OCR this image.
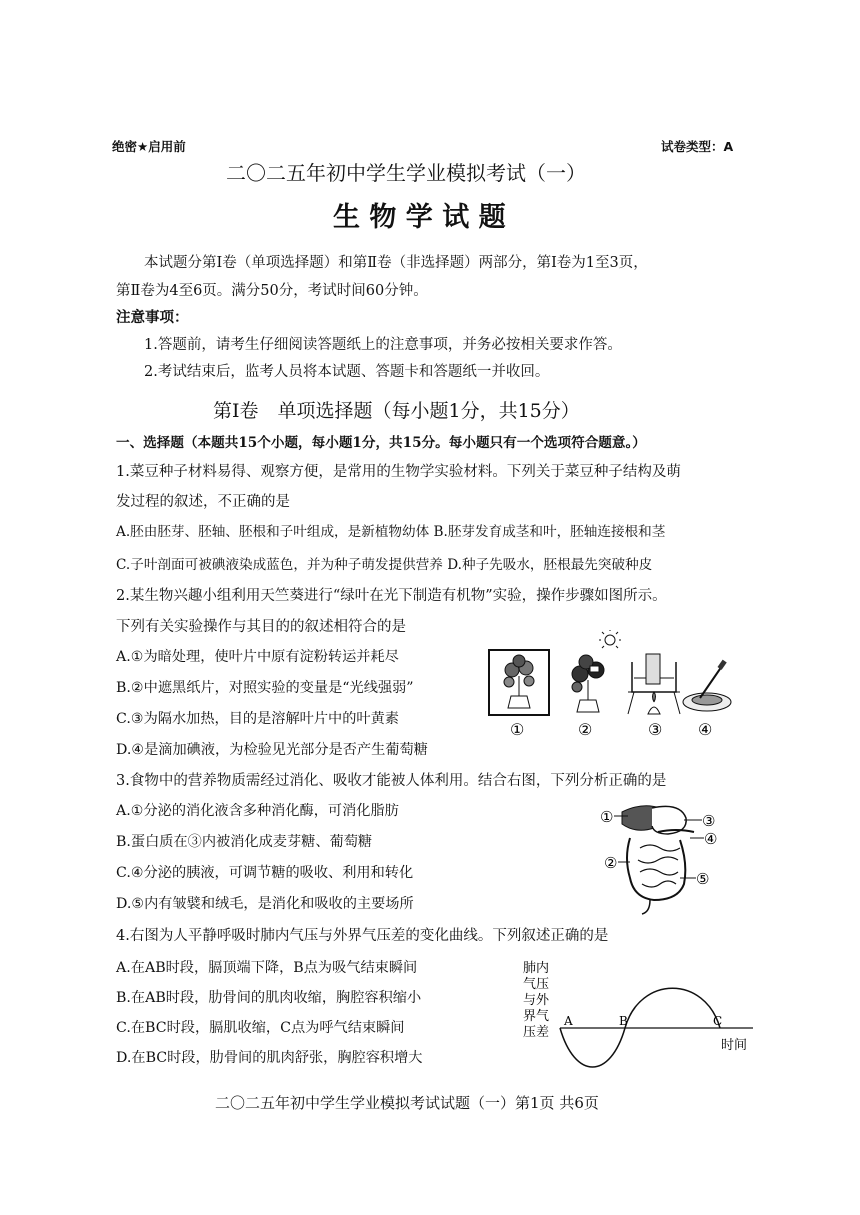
绝密★启用前	试卷类型：A
二〇二五年初中学生学业模拟考试（一）
生 物 学 试 题
本试题分第Ⅰ卷（单项选择题）和第Ⅱ卷（非选择题）两部分，第Ⅰ卷为1至3页，
第Ⅱ卷为4至6页。满分50分，考试时间60分钟。
注意事项：
1.答题前，请考生仔细阅读答题纸上的注意事项，并务必按相关要求作答。
2.考试结束后，监考人员将本试题、答题卡和答题纸一并收回。
第Ⅰ卷　单项选择题（每小题1分，共15分）
一、选择题（本题共15个小题，每小题1分，共15分。每小题只有一个选项符合题意。）
1.菜豆种子材料易得、观察方便，是常用的生物学实验材料。下列关于菜豆种子结构及萌
发过程的叙述，不正确的是
A.胚由胚芽、胚轴、胚根和子叶组成，是新植物幼体 B.胚芽发育成茎和叶，胚轴连接根和茎
C.子叶剖面可被碘液染成蓝色，并为种子萌发提供营养 D.种子先吸水，胚根最先突破种皮
2.某生物兴趣小组利用天竺葵进行“绿叶在光下制造有机物”实验，操作步骤如图所示。
下列有关实验操作与其目的的叙述相符合的是
A.①为暗处理，使叶片中原有淀粉转运并耗尽
B.②中遮黑纸片，对照实验的变量是“光线强弱”
C.③为隔水加热，目的是溶解叶片中的叶黄素
D.④是滴加碘液，为检验见光部分是否产生葡萄糖
①	②	③ ④
3.食物中的营养物质需经过消化、吸收才能被人体利用。结合右图，下列分析正确的是
A.①分泌的消化液含多种消化酶，可消化脂肪
B.蛋白质在③内被消化成麦芽糖、葡萄糖
C.④分泌的胰液，可调节糖的吸收、利用和转化
D.⑤内有皱襞和绒毛，是消化和吸收的主要场所
①	③
④
②
⑤
4.右图为人平静呼吸时肺内气压与外界气压差的变化曲线。下列叙述正确的是
A.在AB时段，膈顶端下降，B点为吸气结束瞬间
B.在AB时段，肋骨间的肌肉收缩，胸腔容积缩小
C.在BC时段，膈肌收缩，C点为呼气结束瞬间
D.在BC时段，肋骨间的肌肉舒张，胸腔容积增大
肺内
气压
与外
界气
压差
A	B	C
时间
二〇二五年初中学生学业模拟考试试题（一）第1页 共6页
